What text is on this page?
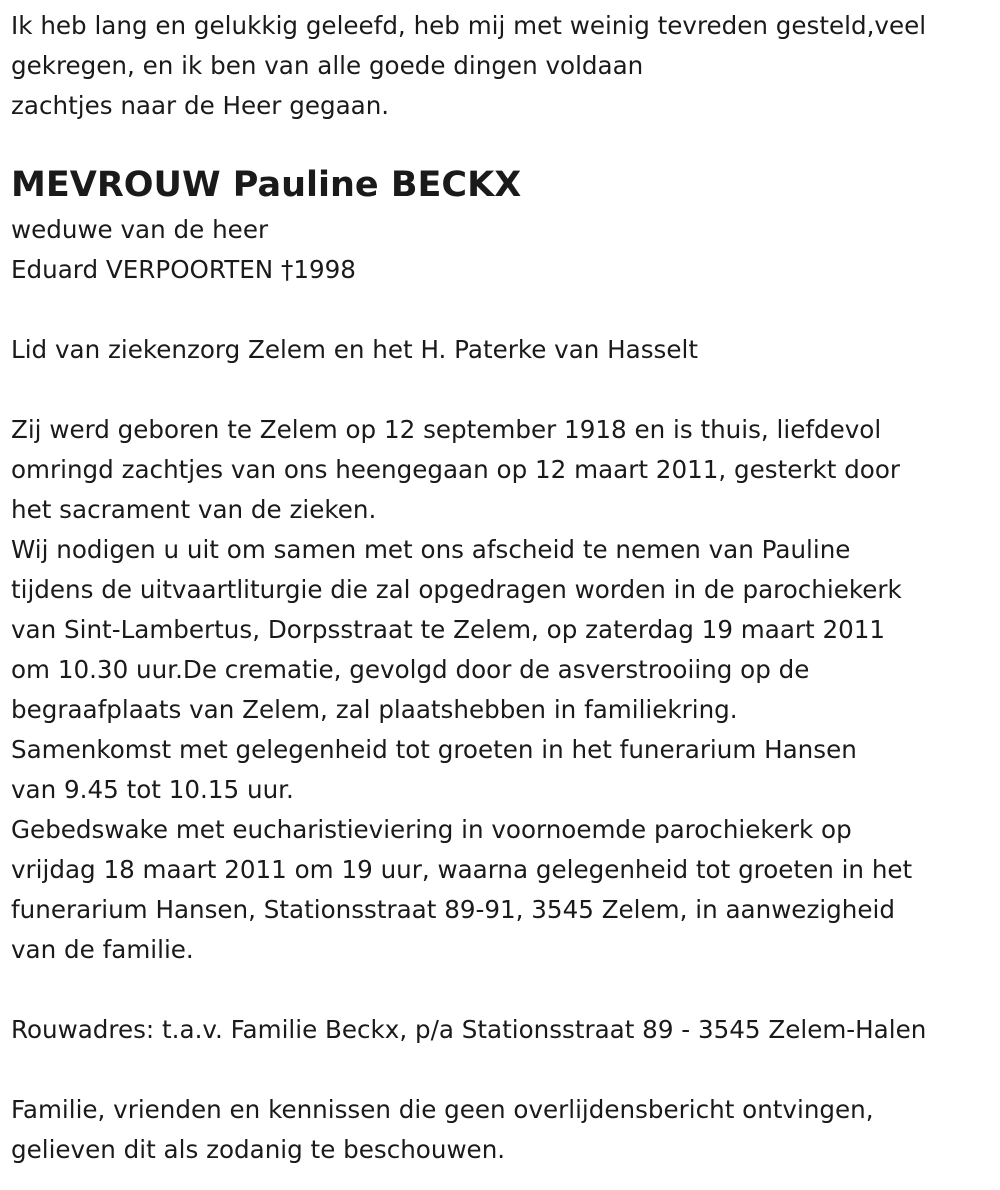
Ik heb lang en gelukkig geleefd, heb mij met weinig tevreden gesteld,veel

gekregen, en ik ben van alle goede dingen voldaan

zachtjes naar de Heer gegaan.

MEVROUW Pauline BECKX

weduwe van de heer

Eduard VERPOORTEN †1998

Lid van ziekenzorg Zelem en het H. Paterke van Hasselt

Zij werd geboren te Zelem op 12 september 1918 en is thuis, liefdevol

omringd zachtjes van ons heengegaan op 12 maart 2011, gesterkt door

het sacrament van de zieken.

Wij nodigen u uit om samen met ons afscheid te nemen van Pauline

tijdens de uitvaartliturgie die zal opgedragen worden in de parochiekerk

van Sint-Lambertus, Dorpsstraat te Zelem, op zaterdag 19 maart 2011

om 10.30 uur.De crematie, gevolgd door de asverstrooiing op de

begraafplaats van Zelem, zal plaatshebben in familiekring.

Samenkomst met gelegenheid tot groeten in het funerarium Hansen

van 9.45 tot 10.15 uur.

Gebedswake met eucharistieviering in voornoemde parochiekerk op

vrijdag 18 maart 2011 om 19 uur, waarna gelegenheid tot groeten in het

funerarium Hansen, Stationsstraat 89-91, 3545 Zelem, in aanwezigheid

van de familie.

Rouwadres: t.a.v. Familie Beckx, p/a Stationsstraat 89 - 3545 Zelem-Halen

Familie, vrienden en kennissen die geen overlijdensbericht ontvingen,

gelieven dit als zodanig te beschouwen.
